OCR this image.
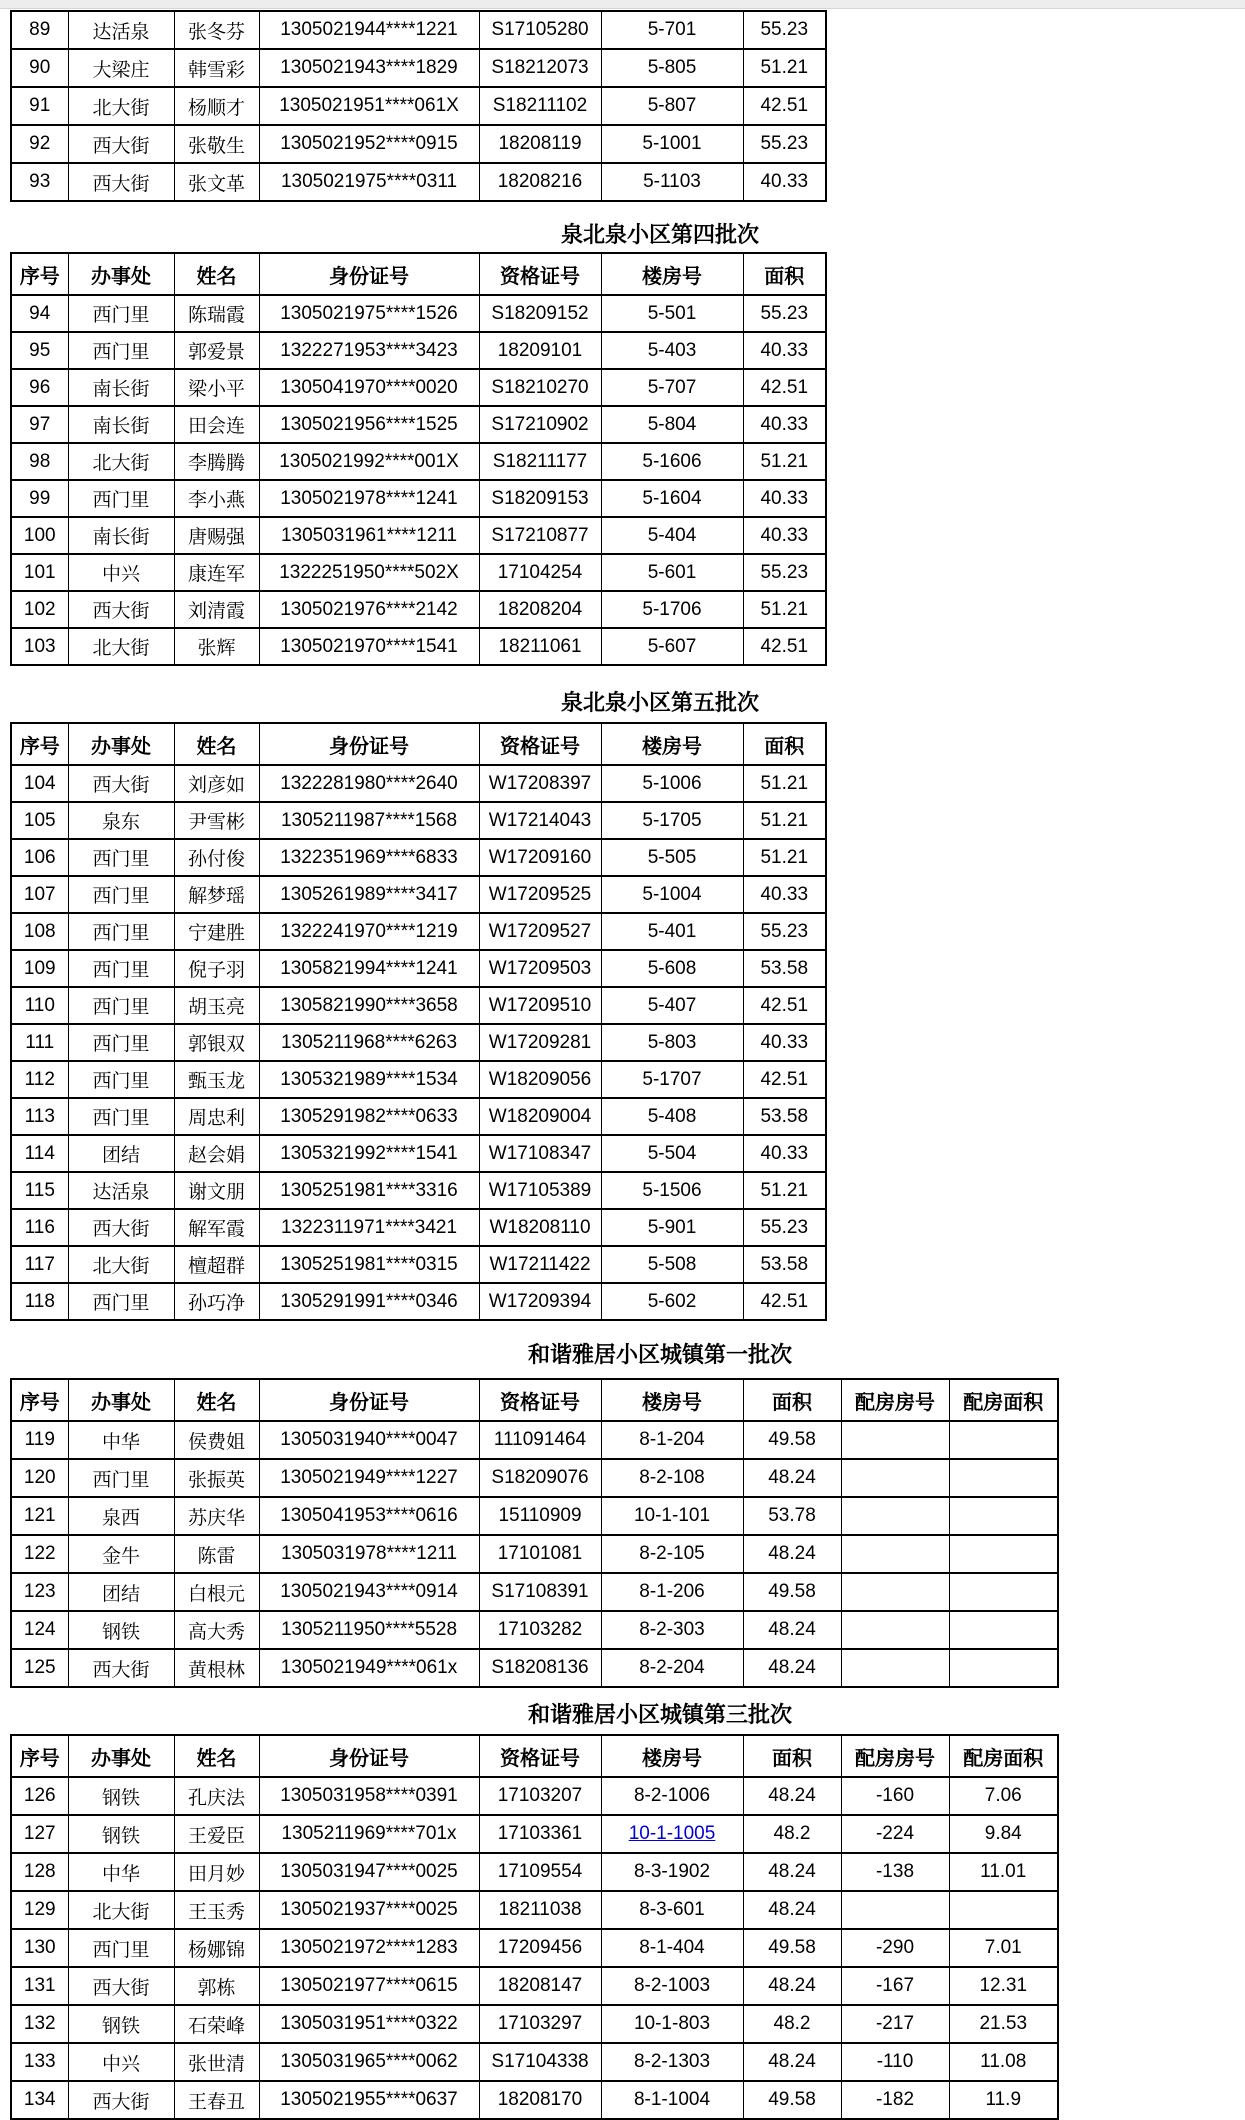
89	达活泉	张冬芬	1305021944****1221	S17105280	5-701	55.23
90	大梁庄	韩雪彩	1305021943****1829	S18212073	5-805	51.21
91	北大街	杨顺才	1305021951****061X	S18211102	5-807	42.51
92	西大街	张敬生	1305021952****0915	18208119	5-1001	55.23
93	西大街	张文革	1305021975****0311	18208216	5-1103	40.33
泉北泉小区第四批次
序号	办事处	姓名	身份证号	资格证号	楼房号	面积
94	西门里	陈瑞霞	1305021975****1526	S18209152	5-501	55.23
95	西门里	郭爱景	1322271953****3423	18209101	5-403	40.33
96	南长街	梁小平	1305041970****0020	S18210270	5-707	42.51
97	南长街	田会连	1305021956****1525	S17210902	5-804	40.33
98	北大街	李腾腾	1305021992****001X	S18211177	5-1606	51.21
99	西门里	李小燕	1305021978****1241	S18209153	5-1604	40.33
100	南长街	唐赐强	1305031961****1211	S17210877	5-404	40.33
101	中兴	康连军	1322251950****502X	17104254	5-601	55.23
102	西大街	刘清霞	1305021976****2142	18208204	5-1706	51.21
103	北大街	张辉	1305021970****1541	18211061	5-607	42.51
泉北泉小区第五批次
序号	办事处	姓名	身份证号	资格证号	楼房号	面积
104	西大街	刘彦如	1322281980****2640	W17208397	5-1006	51.21
105	泉东	尹雪彬	1305211987****1568	W17214043	5-1705	51.21
106	西门里	孙付俊	1322351969****6833	W17209160	5-505	51.21
107	西门里	解梦瑶	1305261989****3417	W17209525	5-1004	40.33
108	西门里	宁建胜	1322241970****1219	W17209527	5-401	55.23
109	西门里	倪子羽	1305821994****1241	W17209503	5-608	53.58
110	西门里	胡玉亮	1305821990****3658	W17209510	5-407	42.51
111	西门里	郭银双	1305211968****6263	W17209281	5-803	40.33
112	西门里	甄玉龙	1305321989****1534	W18209056	5-1707	42.51
113	西门里	周忠利	1305291982****0633	W18209004	5-408	53.58
114	团结	赵会娟	1305321992****1541	W17108347	5-504	40.33
115	达活泉	谢文朋	1305251981****3316	W17105389	5-1506	51.21
116	西大街	解军霞	1322311971****3421	W18208110	5-901	55.23
117	北大街	檀超群	1305251981****0315	W17211422	5-508	53.58
118	西门里	孙巧净	1305291991****0346	W17209394	5-602	42.51
和谐雅居小区城镇第一批次
序号	办事处	姓名	身份证号	资格证号	楼房号	面积	配房房号	配房面积
119	中华	侯费姐	1305031940****0047	111091464	8-1-204	49.58		
120	西门里	张振英	1305021949****1227	S18209076	8-2-108	48.24		
121	泉西	苏庆华	1305041953****0616	15110909	10-1-101	53.78		
122	金牛	陈雷	1305031978****1211	17101081	8-2-105	48.24		
123	团结	白根元	1305021943****0914	S17108391	8-1-206	49.58		
124	钢铁	高大秀	1305211950****5528	17103282	8-2-303	48.24		
125	西大街	黄根林	1305021949****061x	S18208136	8-2-204	48.24		
和谐雅居小区城镇第三批次
序号	办事处	姓名	身份证号	资格证号	楼房号	面积	配房房号	配房面积
126	钢铁	孔庆法	1305031958****0391	17103207	8-2-1006	48.24	-160	7.06
127	钢铁	王爱臣	1305211969****701x	17103361	10-1-1005	48.2	-224	9.84
128	中华	田月妙	1305031947****0025	17109554	8-3-1902	48.24	-138	11.01
129	北大街	王玉秀	1305021937****0025	18211038	8-3-601	48.24		
130	西门里	杨娜锦	1305021972****1283	17209456	8-1-404	49.58	-290	7.01
131	西大街	郭栋	1305021977****0615	18208147	8-2-1003	48.24	-167	12.31
132	钢铁	石荣峰	1305031951****0322	17103297	10-1-803	48.2	-217	21.53
133	中兴	张世清	1305031965****0062	S17104338	8-2-1303	48.24	-110	11.08
134	西大街	王春丑	1305021955****0637	18208170	8-1-1004	49.58	-182	11.9
